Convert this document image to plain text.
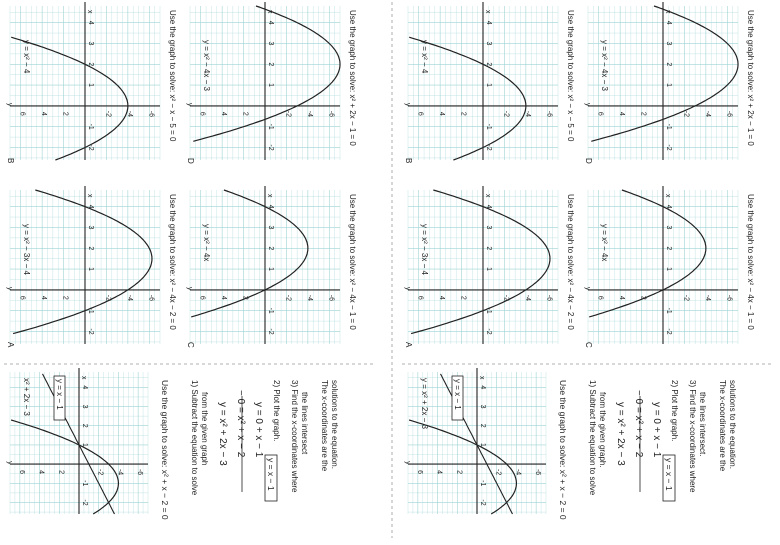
x
y
-2
-1
1
2
3
4
6 4 2	-2 -4 -6
x² + 2x − 3	y = x − 1	Use the graph to solve: x² + x − 2 = 0	1) Subtract the equation to solve from the given graph y = x² + 2x − 3 − 0 = x² + x − 2 y = 0 + x − 1 2) Plot the graph.
y = x − 1 3) Find the x-coordinates where the lines intersect The x-coordinates are the solutions to the equation.
x
y
-2
-1
1
2
3
4
6 4 2	-2 -4 -6
A
y = x² − 3x − 4	Use the graph to solve: x² − 4x − 2 = 0
x
y
-2
-1
1
2
3
4
6 4 2	-2 -4 -6
B
y = x² − 4	Use the graph to solve: x² − x − 5 = 0
x
y
-2
-1
1
2
3
4
6 4 2	-2 -4 -6
C
y = x² − 4x	Use the graph to solve: x² − 4x − 1 = 0
x
y
-2
-1
1
2
3
4
6 4 2	-2 -4 -6
D
y = x² − 4x − 3	Use the graph to solve: x² + 2x − 1 = 0
x
y
-2
-1
1
2
3
4
6 4 2	-2 -4 -6
y = x² + 2x − 3	y = x − 1	Use the graph to solve: x² + x − 2 = 0	1) Subtract the equation to solve from the given graph. y = x² + 2x − 3 − 0 = x² + x − 2 y = 0 + x − 1 2) Plot the graph.
y = x − 1 3) Find the x-coordinates where the lines intersect. The x-coordinates are the solutions to the equation.
x
y
-2
-1
1
2
3
4
6 4 2	-2 -4 -6
A
y = x² − 3x − 4	Use the graph to solve: x² − 4x − 2 = 0
x
y
-2
-1
1
2
3
4
6 4 2	-2 -4 -6
B
y = x² − 4	Use the graph to solve: x² − x − 5 = 0
x
y
-2
-1
1
2
3
4
6 4 2	-2 -4 -6
C
y = x² − 4x	Use the graph to solve: x² − 4x − 1 = 0
x
y
-2
-1
1
2
3
4
6 4 2	-2 -4 -6
D
y = x² − 4x − 3	Use the graph to solve: x² + 2x − 1 = 0
